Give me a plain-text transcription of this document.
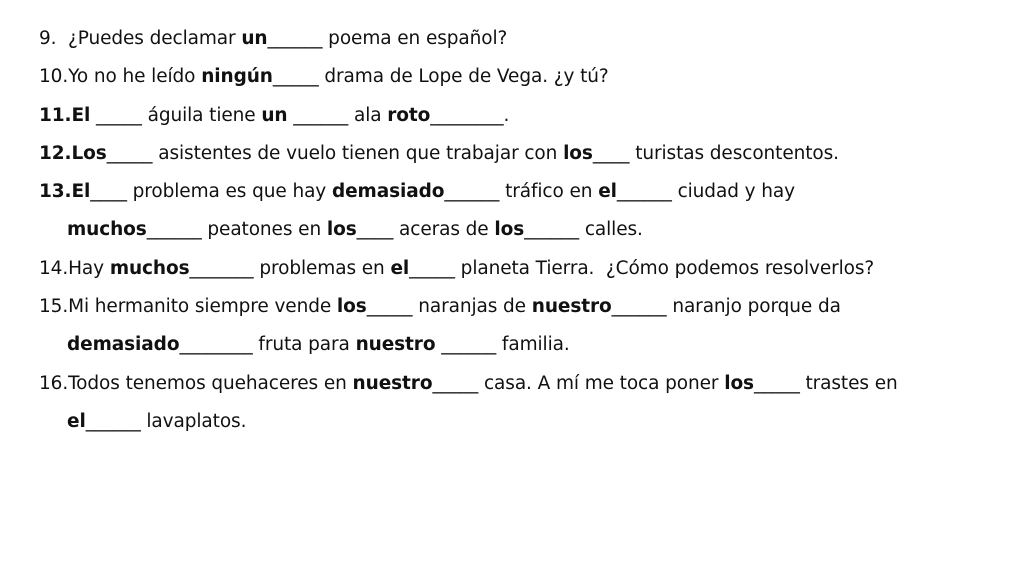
9.  ¿Puedes declamar un______ poema en español?
10.Yo no he leído ningún_____ drama de Lope de Vega. ¿y tú?
11.El _____ águila tiene un ______ ala roto________.
12.Los_____ asistentes de vuelo tienen que trabajar con los____ turistas descontentos.
13.El____ problema es que hay demasiado______ tráfico en el______ ciudad y hay
muchos______ peatones en los____ aceras de los______ calles.
14.Hay muchos_______ problemas en el_____ planeta Tierra.  ¿Cómo podemos resolverlos?
15.Mi hermanito siempre vende los_____ naranjas de nuestro______ naranjo porque da
demasiado________ fruta para nuestro ______ familia.
16.Todos tenemos quehaceres en nuestro_____ casa. A mí me toca poner los_____ trastes en
el______ lavaplatos.
